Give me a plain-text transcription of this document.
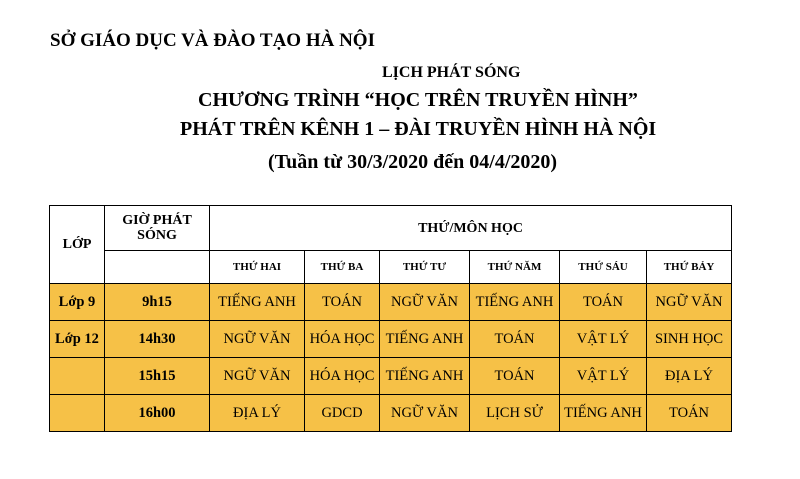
SỞ GIÁO DỤC VÀ ĐÀO TẠO HÀ NỘI

LỊCH PHÁT SÓNG

CHƯƠNG TRÌNH “HỌC TRÊN TRUYỀN HÌNH”

PHÁT TRÊN KÊNH 1 – ĐÀI TRUYỀN HÌNH HÀ NỘI

(Tuần từ 30/3/2020 đến 04/4/2020)

LỚP	GIỜ PHÁT SÓNG	THỨ/MÔN HỌC					
		THỨ HAI	THỨ BA	THỨ TƯ	THỨ NĂM	THỨ SÁU	THỨ BẢY
Lớp 9	9h15	TIẾNG ANH	TOÁN	NGỮ VĂN	TIẾNG ANH	TOÁN	NGỮ VĂN
Lớp 12	14h30	NGỮ VĂN	HÓA HỌC	TIẾNG ANH	TOÁN	VẬT LÝ	SINH HỌC
	15h15	NGỮ VĂN	HÓA HỌC	TIẾNG ANH	TOÁN	VẬT LÝ	ĐỊA LÝ
	16h00	ĐỊA LÝ	GDCD	NGỮ VĂN	LỊCH SỬ	TIẾNG ANH	TOÁN
